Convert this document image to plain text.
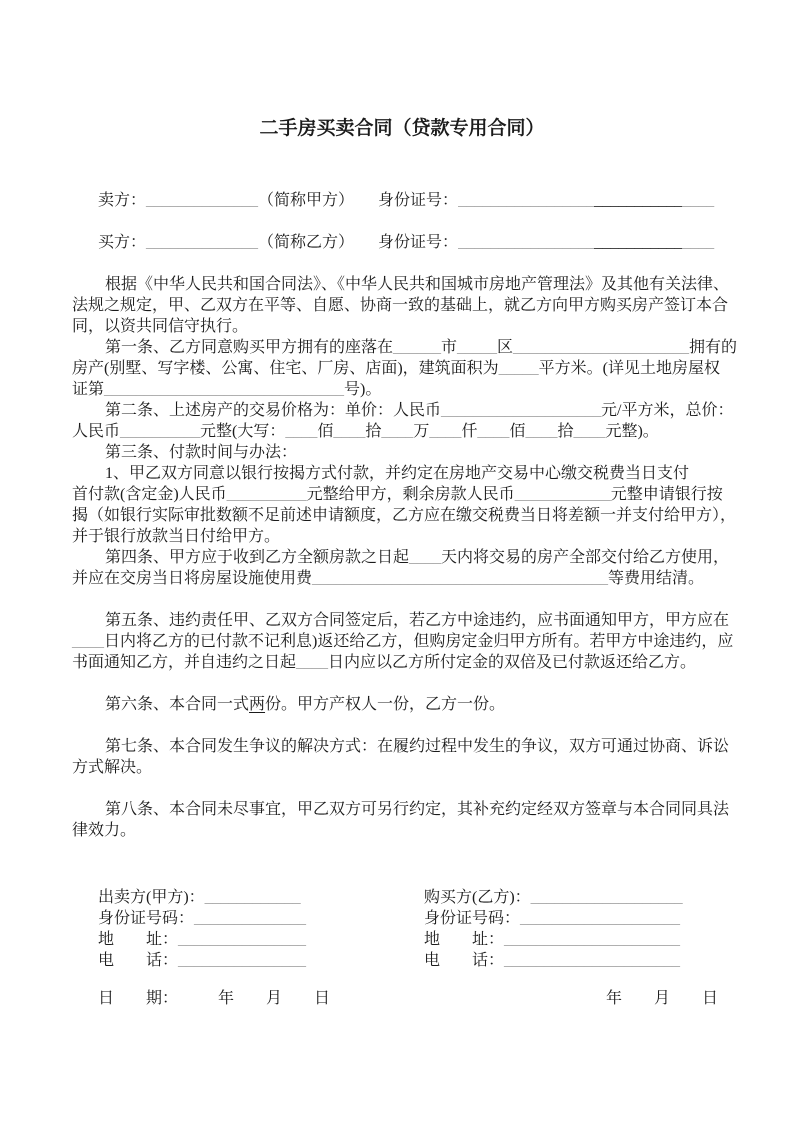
二手房买卖合同（贷款专用合同）
卖方：______________（简称甲方）　　 身份证号：________________________________
买方：______________（简称乙方）　　 身份证号：________________________________
根据《中华人民共和国合同法》、《中华人民共和国城市房地产管理法》及其他有关法律、
法规之规定，甲、乙双方在平等、自愿、协商一致的基础上，就乙方向甲方购买房产签订本合
同，以资共同信守执行。
第一条、乙方同意购买甲方拥有的座落在______市_____区______________________拥有的
房产(别墅、写字楼、公寓、住宅、厂房、店面)，建筑面积为_____平方米。(详见土地房屋权
证第______________________________号)。
第二条、上述房产的交易价格为：单价：人民币____________________元/平方米，总价：
人民币__________元整(大写：____佰____拾____万____仟____佰____拾____元整)。
第三条、付款时间与办法：
1、甲乙双方同意以银行按揭方式付款，并约定在房地产交易中心缴交税费当日支付
首付款(含定金)人民币__________元整给甲方，剩余房款人民币____________元整申请银行按
揭（如银行实际审批数额不足前述申请额度，乙方应在缴交税费当日将差额一并支付给甲方），
并于银行放款当日付给甲方。
第四条、甲方应于收到乙方全额房款之日起____天内将交易的房产全部交付给乙方使用，
并应在交房当日将房屋设施使用费_____________________________________等费用结清。

第五条、违约责任甲、乙双方合同签定后，若乙方中途违约，应书面通知甲方，甲方应在
____日内将乙方的已付款不记利息)返还给乙方，但购房定金归甲方所有。若甲方中途违约，应
书面通知乙方，并自违约之日起____日内应以乙方所付定金的双倍及已付款返还给乙方。

第六条、本合同一式两份。甲方产权人一份，乙方一份。

第七条、本合同发生争议的解决方式：在履约过程中发生的争议，双方可通过协商、诉讼
方式解决。

第八条、本合同未尽事宜，甲乙双方可另行约定，其补充约定经双方签章与本合同同具法
律效力。
出卖方(甲方)：____________
身份证号码：______________
地　　址：________________
电　　话：________________
购买方(乙方)：___________________
身份证号码：____________________
地　　址：______________________
电　　话：______________________
日　　期：　　　年　　月　　日	年　　月　　日
